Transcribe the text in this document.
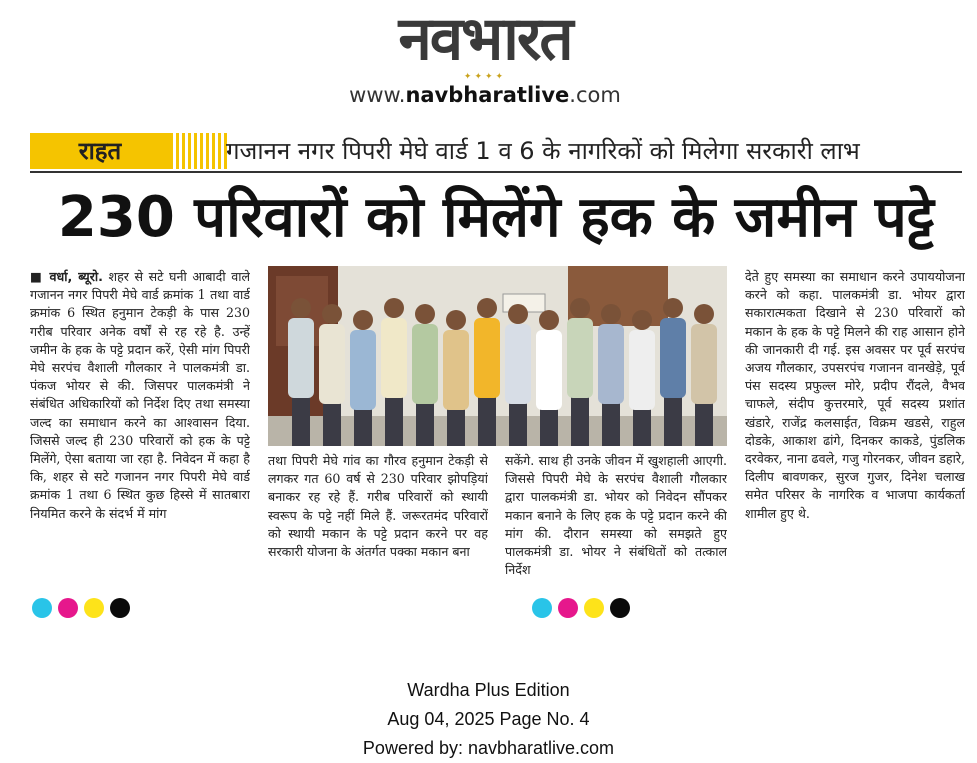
नवभारत
✦✦✦✦
www.navbharatlive.com
राहत	गजानन नगर पिपरी मेघे वार्ड 1 व 6 के नागरिकों को मिलेगा सरकारी लाभ
230 परिवारों को मिलेंगे हक के जमीन पट्टे
■ वर्धा, ब्यूरो. शहर से सटे घनी आबादी वाले गजानन नगर पिपरी मेघे वार्ड क्रमांक 1 तथा वार्ड क्रमांक 6 स्थित हनुमान टेकड़ी के पास 230 गरीब परिवार अनेक वर्षों से रह रहे है. उन्हें जमीन के हक के पट्टे प्रदान करें, ऐसी मांग पिपरी मेघे सरपंच वैशाली गौलकार ने पालकमंत्री डा. पंकज भोयर से की. जिसपर पालकमंत्री ने संबंधित अधिकारियों को निर्देश दिए तथा समस्या जल्द का समाधान करने का आश्वासन दिया. जिससे जल्द ही 230 परिवारों को हक के पट्टे मिलेंगे, ऐसा बताया जा रहा है. निवेदन में कहा है कि, शहर से सटे गजानन नगर पिपरी मेघे वार्ड क्रमांक 1 तथा 6 स्थित कुछ हिस्से में सातबारा नियमित करने के संदर्भ में मांग
तथा पिपरी मेघे गांव का गौरव हनुमान टेकड़ी से लगकर गत 60 वर्ष से 230 परिवार झोपड़ियां बनाकर रह रहे हैं. गरीब परिवारों को स्थायी स्वरूप के पट्टे नहीं मिले हैं. जरूरतमंद परिवारों को स्थायी मकान के पट्टे प्रदान करने पर वह सरकारी योजना के अंतर्गत पक्का मकान बना
सकेंगे. साथ ही उनके जीवन में खुशहाली आएगी. जिससे पिपरी मेघे के सरपंच वैशाली गौलकार द्वारा पालकमंत्री डा. भोयर को निवेदन सौंपकर मकान बनाने के लिए हक के पट्टे प्रदान करने की मांग की. दौरान समस्या को समझते हुए पालकमंत्री डा. भोयर ने संबंधितों को तत्काल निर्देश
देते हुए समस्या का समाधान करने उपाययोजना करने को कहा. पालकमंत्री डा. भोयर द्वारा सकारात्मकता दिखाने से 230 परिवारों को मकान के हक के पट्टे मिलने की राह आसान होने की जानकारी दी गई. इस अवसर पर पूर्व सरपंच अजय गौलकार, उपसरपंच गजानन वानखेड़े, पूर्व पंस सदस्य प्रफुल्ल मोरे, प्रदीप रौंदले, वैभव चाफले, संदीप कुत्तरमारे, पूर्व सदस्य प्रशांत खंडारे, राजेंद्र कलसाईत, विक्रम खडसे, राहुल दोडके, आकाश ढांगे, दिनकर काकडे, पुंडलिक दरवेकर, नाना ढवले, गजु गोरनकर, जीवन डहारे, दिलीप बावणकर, सुरज गुजर, दिनेश चलाख समेत परिसर के नागरिक व भाजपा कार्यकर्ता शामील हुए थे.
Wardha Plus Edition
Aug 04, 2025 Page No. 4
Powered by: navbharatlive.com
